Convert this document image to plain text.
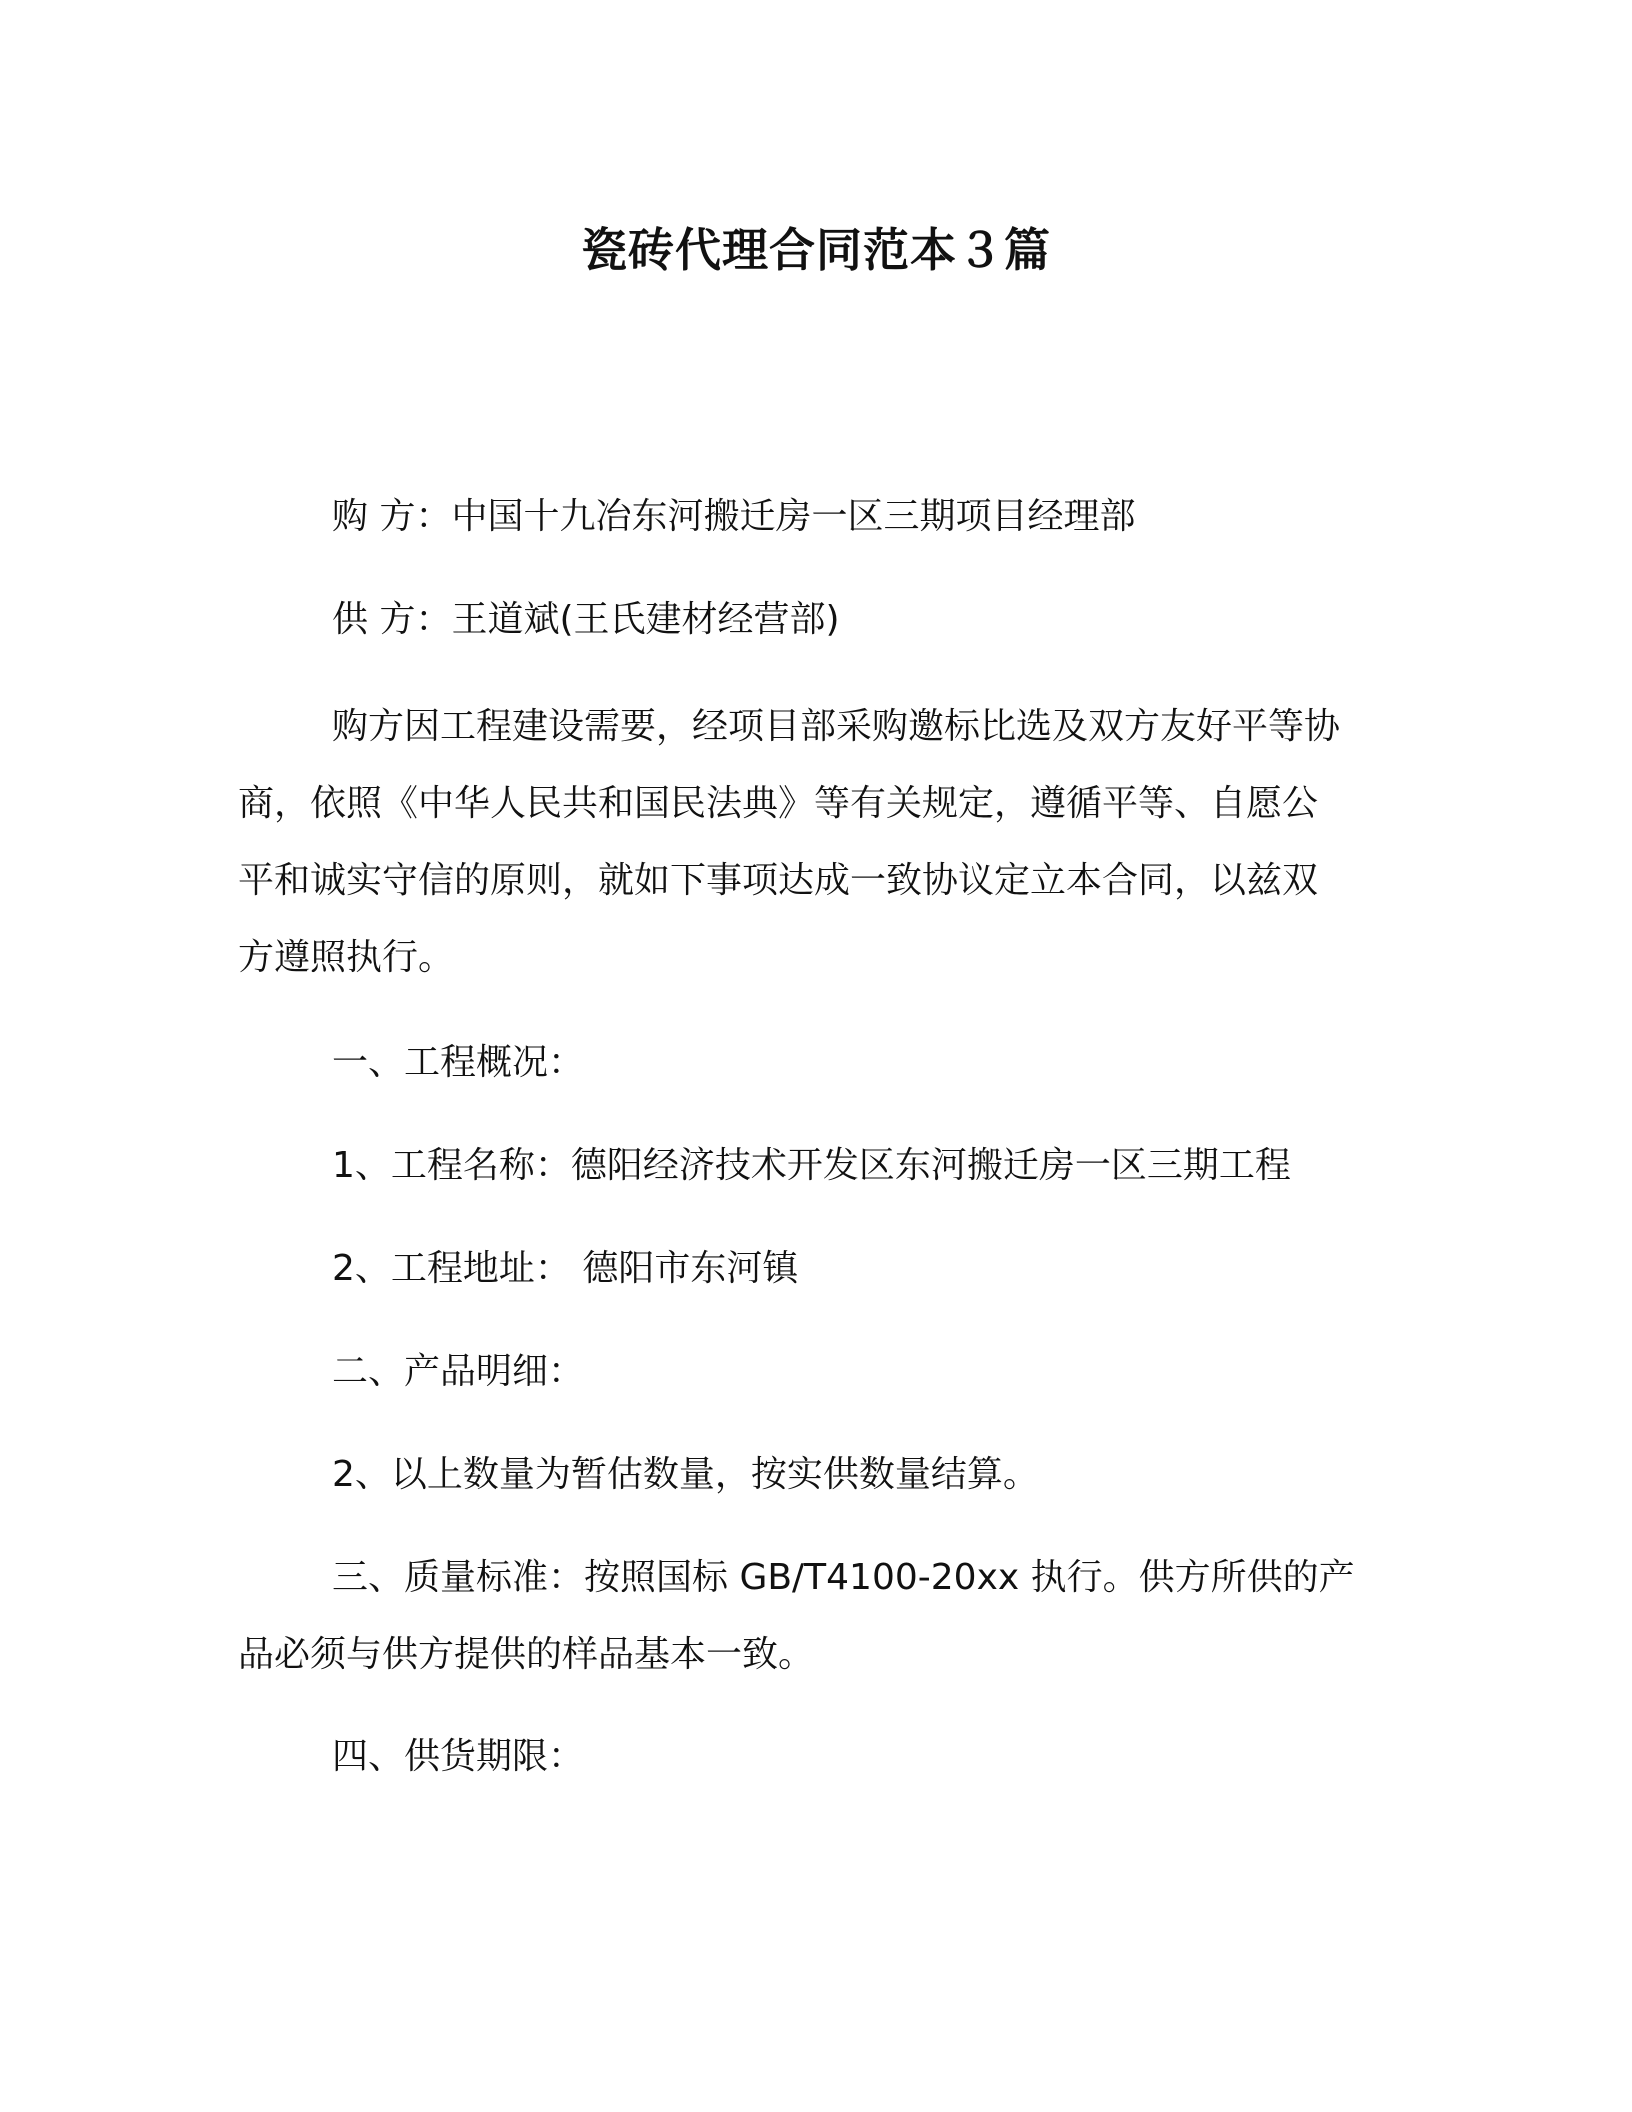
瓷砖代理合同范本３篇
购 方：中国十九冶东河搬迁房一区三期项目经理部
供 方：王道斌(王氏建材经营部)
购方因工程建设需要，经项目部采购邀标比选及双方友好平等协
商，依照《中华人民共和国民法典》等有关规定，遵循平等、自愿公
平和诚实守信的原则，就如下事项达成一致协议定立本合同，以兹双
方遵照执行。
一、工程概况：
1、工程名称：德阳经济技术开发区东河搬迁房一区三期工程
2、工程地址： 德阳市东河镇
二、产品明细：
2、以上数量为暂估数量，按实供数量结算。
三、质量标准：按照国标 GB/T4100-20xx 执行。供方所供的产
品必须与供方提供的样品基本一致。
四、供货期限：
